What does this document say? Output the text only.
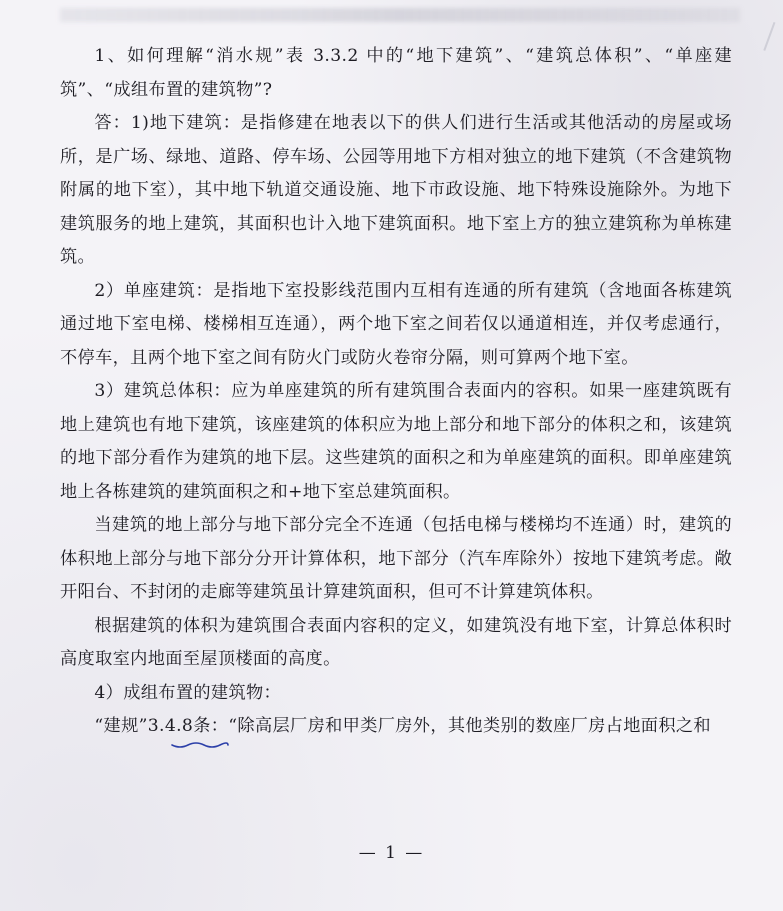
1、如何理解“消水规”表 3.3.2 中的“地下建筑”、“建筑总体积”、“单座建筑”、“成组布置的建筑物”?

答：1)地下建筑：是指修建在地表以下的供人们进行生活或其他活动的房屋或场所，是广场、绿地、道路、停车场、公园等用地下方相对独立的地下建筑（不含建筑物附属的地下室），其中地下轨道交通设施、地下市政设施、地下特殊设施除外。为地下建筑服务的地上建筑，其面积也计入地下建筑面积。地下室上方的独立建筑称为单栋建筑。

2）单座建筑：是指地下室投影线范围内互相有连通的所有建筑（含地面各栋建筑通过地下室电梯、楼梯相互连通），两个地下室之间若仅以通道相连，并仅考虑通行，不停车，且两个地下室之间有防火门或防火卷帘分隔，则可算两个地下室。

3）建筑总体积：应为单座建筑的所有建筑围合表面内的容积。如果一座建筑既有地上建筑也有地下建筑，该座建筑的体积应为地上部分和地下部分的体积之和，该建筑的地下部分看作为建筑的地下层。这些建筑的面积之和为单座建筑的面积。即单座建筑地上各栋建筑的建筑面积之和+地下室总建筑面积。

当建筑的地上部分与地下部分完全不连通（包括电梯与楼梯均不连通）时，建筑的体积地上部分与地下部分分开计算体积，地下部分（汽车库除外）按地下建筑考虑。敞开阳台、不封闭的走廊等建筑虽计算建筑面积，但可不计算建筑体积。

根据建筑的体积为建筑围合表面内容积的定义，如建筑没有地下室，计算总体积时高度取室内地面至屋顶楼面的高度。

4）成组布置的建筑物：

“建规”3.4.8条：“除高层厂房和甲类厂房外，其他类别的数座厂房占地面积之和

— 1 —
